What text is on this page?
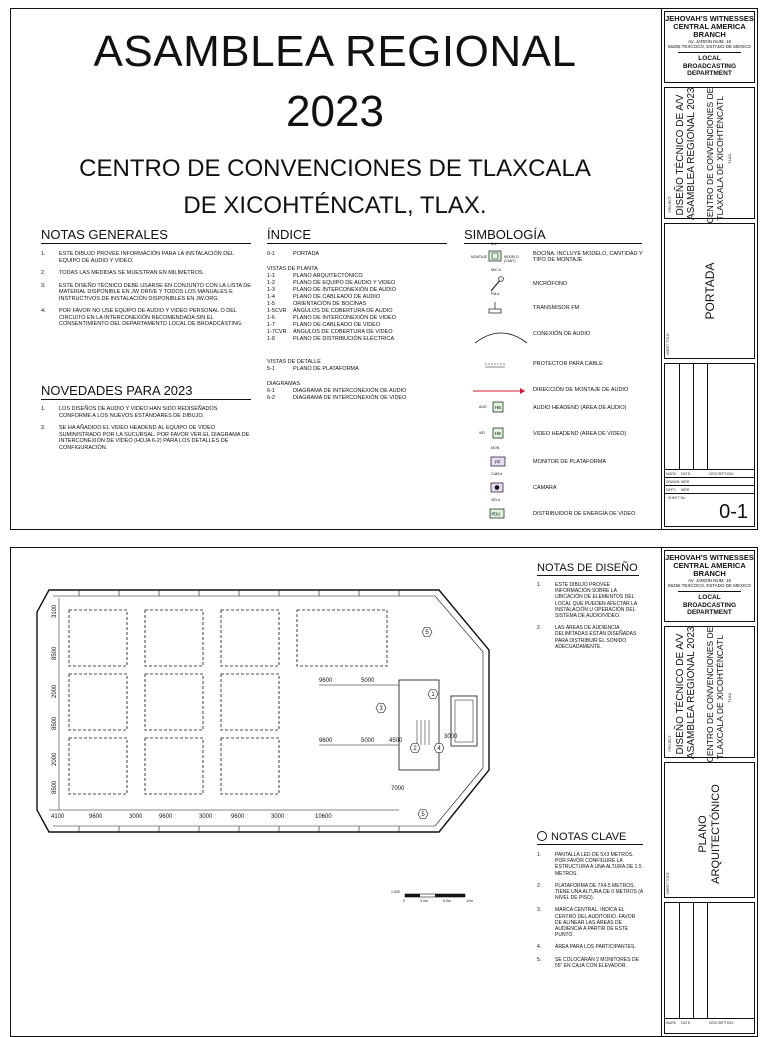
ASAMBLEA REGIONAL
2023
CENTRO DE CONVENCIONES DE TLAXCALA
DE XICOHTÉNCATL, TLAX.
NOTAS GENERALES
1. ESTE DIBUJO PROVEE INFORMACIÓN PARA LA INSTALACIÓN DEL EQUIPO DE AUDIO Y VIDEO.
2. TODAS LAS MEDIDAS SE MUESTRAN EN MILÍMETROS.
3. ESTE DISEÑO TÉCNICO DEBE USARSE EN CONJUNTO CON LA LISTA DE MATERIAL DISPONIBLE EN JW DRIVE Y TODOS LOS MANUALES E INSTRUCTIVOS DE INSTALACIÓN DISPONIBLES EN JW.ORG.
4. POR FAVOR NO USE EQUIPO DE AUDIO Y VIDEO PERSONAL O DEL CIRCUITO EN LA INTERCONEXIÓN RECOMENDADA SIN EL CONSENTIMIENTO DEL DEPARTAMENTO LOCAL DE BROADCASTING.
NOVEDADES PARA 2023
1. LOS DISEÑOS DE AUDIO Y VIDEO HAN SIDO REDISEÑADOS CONFORME A LOS NUEVOS ESTÁNDARES DE DIBUJO.
2. SE HA AÑADIDO EL VIDEO HEADEND AL EQUIPO DE VIDEO SUMINISTRADO POR LA SUCURSAL. POR FAVOR VER EL DIAGRAMA DE INTERCONEXIÓN DE VIDEO (HOJA 6-2) PARA LOS DETALLES DE CONFIGURACIÓN.
ÍNDICE
0-1	PORTADA
VISTAS DE PLANTA
1-1	PLANO ARQUITECTÓNICO
1-2	PLANO DE EQUIPO DE AUDIO Y VIDEO
1-3	PLANO DE INTERCONEXIÓN DE AUDIO
1-4	PLANO DE CABLEADO DE AUDIO
1-5	ORIENTACIÓN DE BOCINAS
1-5CVR	ÁNGULOS DE COBERTURA DE AUDIO
1-6	PLANO DE INTERCONEXIÓN DE VIDEO
1-7	PLANO DE CABLEADO DE VIDEO
1-7CVR	ÁNGULOS DE COBERTURA DE VIDEO
1-8	PLANO DE DISTRIBUCIÓN ELÉCTRICA
VISTAS DE DETALLE
5-1	PLANO DE PLATAFORMA
DIAGRAMAS
6-1	DIAGRAMA DE INTERCONEXIÓN DE AUDIO
6-2	DIAGRAMA DE INTERCONEXIÓN DE VIDEO
SIMBOLOGÍA
B-#
MONTAJE	MODELO (CANT)
BOCINA. INCLUYE MODELO, CANTIDAD Y TIPO DE MONTAJE
MIC-#
MICRÓFONO
FM-#
TRANSMISOR FM
CONEXIÓN DE AUDIO
PROTECTOR PARA CABLE
DIRECCIÓN DE MONTAJE DE AUDIO
HE
AUD	AUDIO HEADEND (ÁREA DE AUDIO)
HE
VID	VIDEO HEADEND (ÁREA DE VIDEO)
PF
MON
MONITOR DE PLATAFORMA
CAM-#
CÁMARA
PDU
VID-#
DISTRIBUIDOR DE ENERGÍA DE VIDEO
JEHOVAH'S WITNESSES
CENTRAL AMERICA BRANCH
AV. JARDÍN NUM. 16
56266 TEXCOCO, ESTADO DE MEXICO
LOCAL
BROADCASTING
DEPARTMENT
DISEÑO TÉCNICO DE A/V ASAMBLEA REGIONAL 2023 CENTRO DE CONVENCIONES DE TLAXCALA DE XICOHTÉNCATL TLAX.
PROJECT:
PORTADA
SHEET TITLE:
MARK DATE:	DESCRIPTION:
DRAWN: WRR
DEPT: WRR
SHEET No.
0-1
4100	9600	3000	9600	3000	9600	3000	10600
3100
8500
2000
8500
2000
8500
9600	5000
9600	5000 4500
3000
7000
1
2
3
4
5
5
1:300
0	3.0m	6.0m	12m
NOTAS DE DISEÑO
1.	ESTE DIBUJO PROVEE INFORMACIÓN SOBRE LA UBICACIÓN DE ELEMENTOS DEL LOCAL QUE PUEDEN AFECTAR LA INSTALACIÓN U OPERACIÓN DEL SISTEMA DE AUDIO/VIDEO.
2.	LAS ÁREAS DE AUDIENCIA DELIMITADAS ESTÁN DISEÑADAS PARA DISTRIBUIR EL SONIDO ADECUADAMENTE.
NOTAS CLAVE
1.	PANTALLA LED DE 5X3 METROS. POR FAVOR CONFIGURE LA ESTRUCTURA A UNA ALTURA DE 1.5 METROS.
2.	PLATAFORMA DE 7X4.5 METROS. TIENE UNA ALTURA DE 0 METROS (A NIVEL DE PISO).
3.	MARCA CENTRAL. INDICA EL CENTRO DEL AUDITORIO. FAVOR DE ALINEAR LAS ÁREAS DE AUDIENCIA A PARTIR DE ESTE PUNTO.
4.	ÁREA PARA LOS PARTICIPANTES.
5.	SE COLOCARÁN 2 MONITORES DE 55" EN CAJA CON ELEVADOR.
JEHOVAH'S WITNESSES
CENTRAL AMERICA BRANCH
AV. JARDÍN NUM. 16
56266 TEXCOCO, ESTADO DE MEXICO
LOCAL
BROADCASTING
DEPARTMENT
DISEÑO TÉCNICO DE A/V ASAMBLEA REGIONAL 2023 CENTRO DE CONVENCIONES DE TLAXCALA DE XICOHTÉNCATL TLAX.
PROJECT:
PLANO ARQUITECTÓNICO
SHEET TITLE:
MARK DATE:	DESCRIPTION:
